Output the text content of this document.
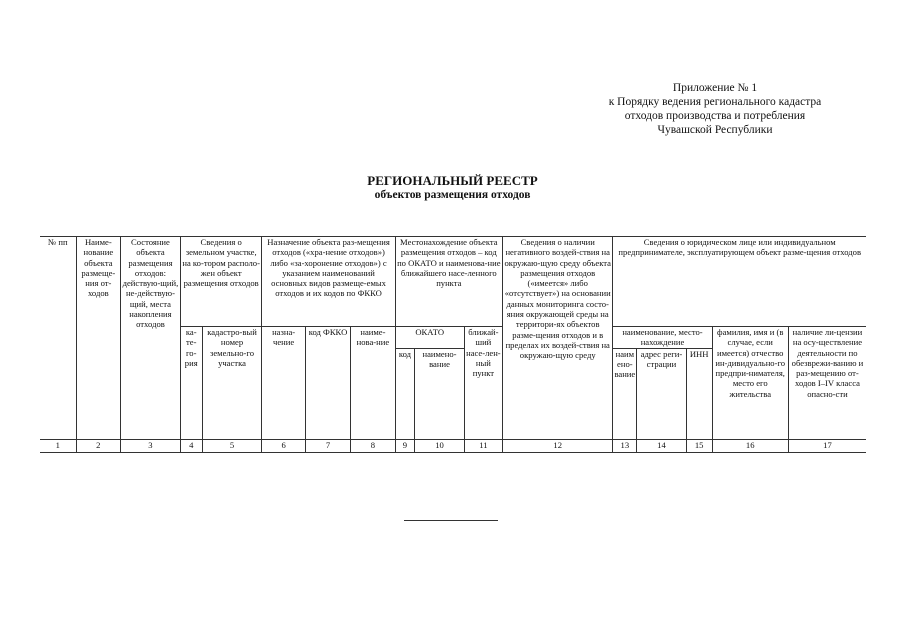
Приложение № 1
к Порядку ведения регионального кадастра
отходов производства и потребления
Чувашской Республики
РЕГИОНАЛЬНЫЙ РЕЕСТР
объектов размещения отходов
№ пп	Наиме-нование объекта размеще-ния от-ходов	Состояние объекта размещения отходов: действую-щий, не-действую-щий, места накопления отходов	Сведения о земельном участке, на ко-тором располо-жен объект размещения отходов		Назначение объекта раз-мещения отходов («хра-нение отходов») либо «за-хоронение отходов») с указанием наименований основных видов размеще-емых отходов и их кодов по ФККО			Местонахождение объекта размещения отходов – код по ОКАТО и наименова-ние ближайшего насе-ленного пункта			Сведения о наличии негативного воздей-ствия на окружаю-щую среду объекта размещения отходов («имеется» либо «отсутствует») на основании данных мониторинга состо-яния окружающей среды на территори-ях объектов разме-щения отходов и в пределах их воздей-ствия на окружаю-щую среду	Сведения о юридическом лице или индивидуальном предпринимателе, эксплуатирующем объект разме-щения отходов				
			ка-те-го-рия	кадастро-вый номер земельно-го участка	назна-чение	код ФККО	наиме-нова-ние	ОКАТО		ближай-ший насе-лен-ный пункт		наименование, место-нахождение			фамилия, имя и (в случае, если имеется) отчество ин-дивидуально-го предпри-нимателя, место его жительства	наличие ли-цензии на осу-ществление деятельности по обезврежи-ванию и раз-мещению от-ходов I–IV класса опасно-сти
								код	наимено-вание			наим ено-вание	адрес реги-страции	ИНН		
1	2	3	4	5	6	7	8	9	10	11	12	13	14	15	16	17
